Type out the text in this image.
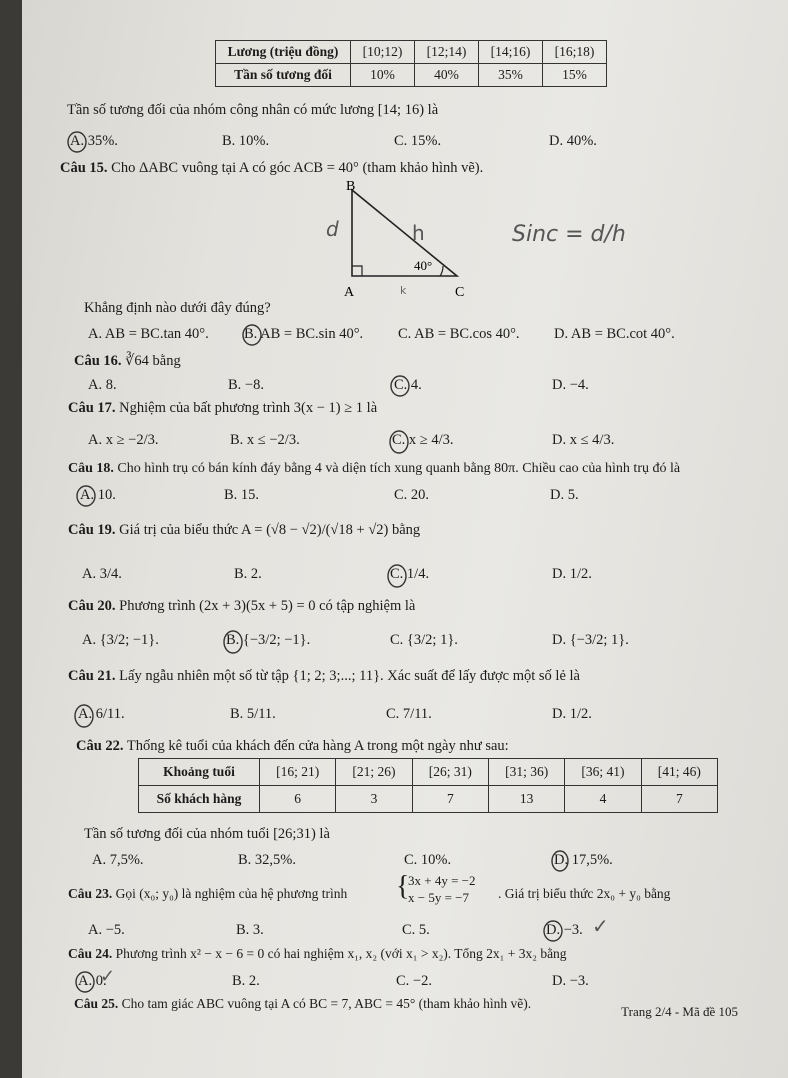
Lương (triệu đồng)	[10;12)	[12;14)	[14;16)	[16;18)
Tần số tương đối	10%	40%	35%	15%
Tần số tương đối của nhóm công nhân có mức lương [14; 16) là
A. 35%.	B. 10%.	C. 15%.	D. 40%.
Câu 15. Cho ΔABC vuông tại A có góc ACB = 40° (tham khảo hình vẽ).
B
A	C
40°
d	h
k
Sinc = d/h
Khẳng định nào dưới đây đúng?
A. AB = BC.tan 40°. B. AB = BC.sin 40°. C. AB = BC.cos 40°. D. AB = BC.cot 40°.
Câu 16. ∛64 bằng
A. 8.	B. −8.	C. 4.	D. −4.
Câu 17. Nghiệm của bất phương trình 3(x − 1) ≥ 1 là
A. x ≥ −2/3.	B. x ≤ −2/3.	C. x ≥ 4/3.	D. x ≤ 4/3.
Câu 18. Cho hình trụ có bán kính đáy bằng 4 và diện tích xung quanh bằng 80π. Chiều cao của hình trụ đó là
A. 10.	B. 15.	C. 20.	D. 5.
Câu 19. Giá trị của biểu thức A = (√8 − √2)/(√18 + √2) bằng
A. 3/4.	B. 2.	C. 1/4.	D. 1/2.
Câu 20. Phương trình (2x + 3)(5x + 5) = 0 có tập nghiệm là
A. {3/2; −1}.	B. {−3/2; −1}.	C. {3/2; 1}.	D. {−3/2; 1}.
Câu 21. Lấy ngẫu nhiên một số từ tập {1; 2; 3;...; 11}. Xác suất để lấy được một số lẻ là
A. 6/11.	B. 5/11.	C. 7/11.	D. 1/2.
Câu 22. Thống kê tuổi của khách đến cửa hàng A trong một ngày như sau:
Khoảng tuổi	[16; 21)	[21; 26)	[26; 31)	[31; 36)	[36; 41)	[41; 46)
Số khách hàng	6	3	7	13	4	7
Tần số tương đối của nhóm tuổi [26;31) là
A. 7,5%.	B. 32,5%.	C. 10%.	D. 17,5%.
Câu 23. Gọi (x₀; y₀) là nghiệm của hệ phương trình {
3x + 4y = −2
x − 5y = −7	. Giá trị biểu thức 2x₀ + y₀ bằng
A. −5.	B. 3.	C. 5.	D. −3.
Câu 24. Phương trình x² − x − 6 = 0 có hai nghiệm x₁, x₂ (với x₁ > x₂). Tổng 2x₁ + 3x₂ bằng
A. 0.	B. 2.	C. −2.	D. −3.
Câu 25. Cho tam giác ABC vuông tại A có BC = 7, ABC = 45° (tham khảo hình vẽ).
Trang 2/4 - Mã đề 105
✓
✓
